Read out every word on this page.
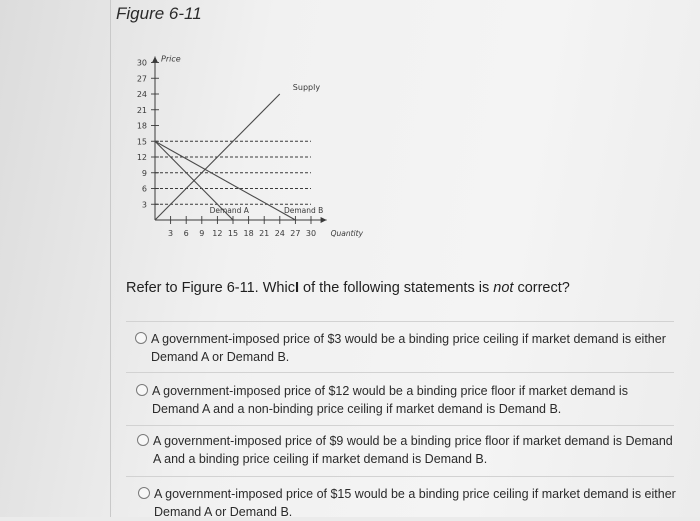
Figure 6-11
3 6 9 12 15 18 21 24 27 30
3
6
9
12
15
18
21
24
27
30
Supply
Demand A	Demand B
Price
Quantity
Refer to Figure 6-11. WhicI of the following statements is not correct?
A government-imposed price of $3 would be a binding price ceiling if market demand is either Demand A or Demand B.
A government-imposed price of $12 would be a binding price floor if market demand is Demand A and a non-binding price ceiling if market demand is Demand B.
A government-imposed price of $9 would be a binding price floor if market demand is Demand A and a binding price ceiling if market demand is Demand B.
A government-imposed price of $15 would be a binding price ceiling if market demand is either Demand A or Demand B.
